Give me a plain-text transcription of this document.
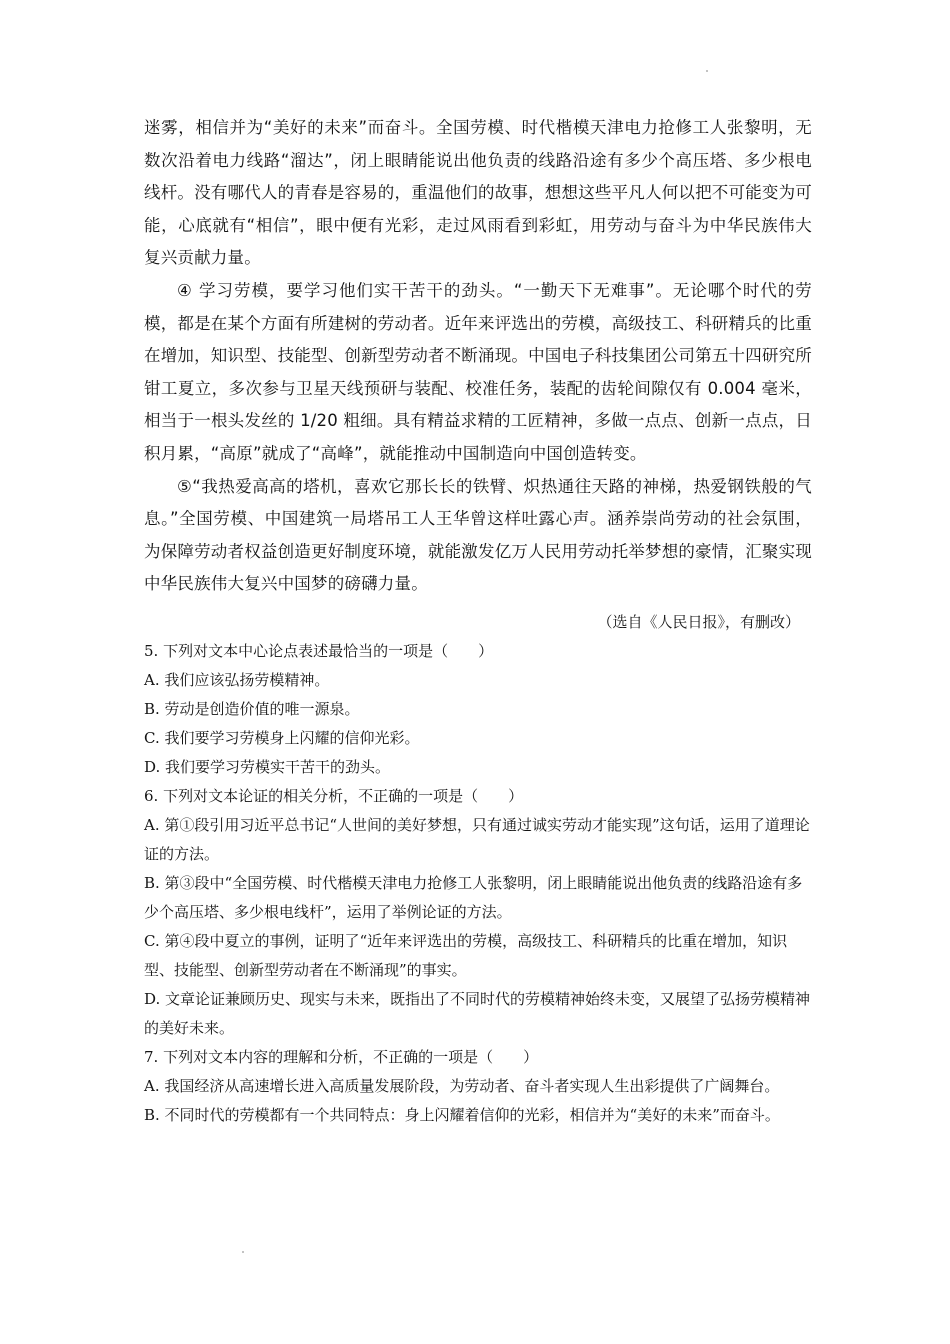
迷雾，相信并为“美好的未来”而奋斗。全国劳模、时代楷模天津电力抢修工人张黎明，无数次沿着电力线路“溜达”，闭上眼睛能说出他负责的线路沿途有多少个高压塔、多少根电线杆。没有哪代人的青春是容易的，重温他们的故事，想想这些平凡人何以把不可能变为可能，心底就有“相信”，眼中便有光彩，走过风雨看到彩虹，用劳动与奋斗为中华民族伟大复兴贡献力量。

④ 学习劳模，要学习他们实干苦干的劲头。“一勤天下无难事”。无论哪个时代的劳模，都是在某个方面有所建树的劳动者。近年来评选出的劳模，高级技工、科研精兵的比重在增加，知识型、技能型、创新型劳动者不断涌现。中国电子科技集团公司第五十四研究所钳工夏立，多次参与卫星天线预研与装配、校准任务，装配的齿轮间隙仅有 0.004 毫米，相当于一根头发丝的 1/20 粗细。具有精益求精的工匠精神，多做一点点、创新一点点，日积月累，“高原”就成了“高峰”，就能推动中国制造向中国创造转变。

⑤“我热爱高高的塔机，喜欢它那长长的铁臂、炽热通往天路的神梯，热爱钢铁般的气息。”全国劳模、中国建筑一局塔吊工人王华曾这样吐露心声。涵养崇尚劳动的社会氛围，为保障劳动者权益创造更好制度环境，就能激发亿万人民用劳动托举梦想的豪情，汇聚实现中华民族伟大复兴中国梦的磅礴力量。

（选自《人民日报》，有删改）

5. 下列对文本中心论点表述最恰当的一项是（　　）

A. 我们应该弘扬劳模精神。

B. 劳动是创造价值的唯一源泉。

C. 我们要学习劳模身上闪耀的信仰光彩。

D. 我们要学习劳模实干苦干的劲头。

6. 下列对文本论证的相关分析，不正确的一项是（　　）

A. 第①段引用习近平总书记“人世间的美好梦想，只有通过诚实劳动才能实现”这句话，运用了道理论证的方法。

B. 第③段中“全国劳模、时代楷模天津电力抢修工人张黎明，闭上眼睛能说出他负责的线路沿途有多少个高压塔、多少根电线杆”，运用了举例论证的方法。

C. 第④段中夏立的事例，证明了“近年来评选出的劳模，高级技工、科研精兵的比重在增加，知识型、技能型、创新型劳动者在不断涌现”的事实。

D. 文章论证兼顾历史、现实与未来，既指出了不同时代的劳模精神始终未变，又展望了弘扬劳模精神的美好未来。

7. 下列对文本内容的理解和分析，不正确的一项是（　　）

A. 我国经济从高速增长进入高质量发展阶段，为劳动者、奋斗者实现人生出彩提供了广阔舞台。

B. 不同时代的劳模都有一个共同特点：身上闪耀着信仰的光彩，相信并为“美好的未来”而奋斗。
